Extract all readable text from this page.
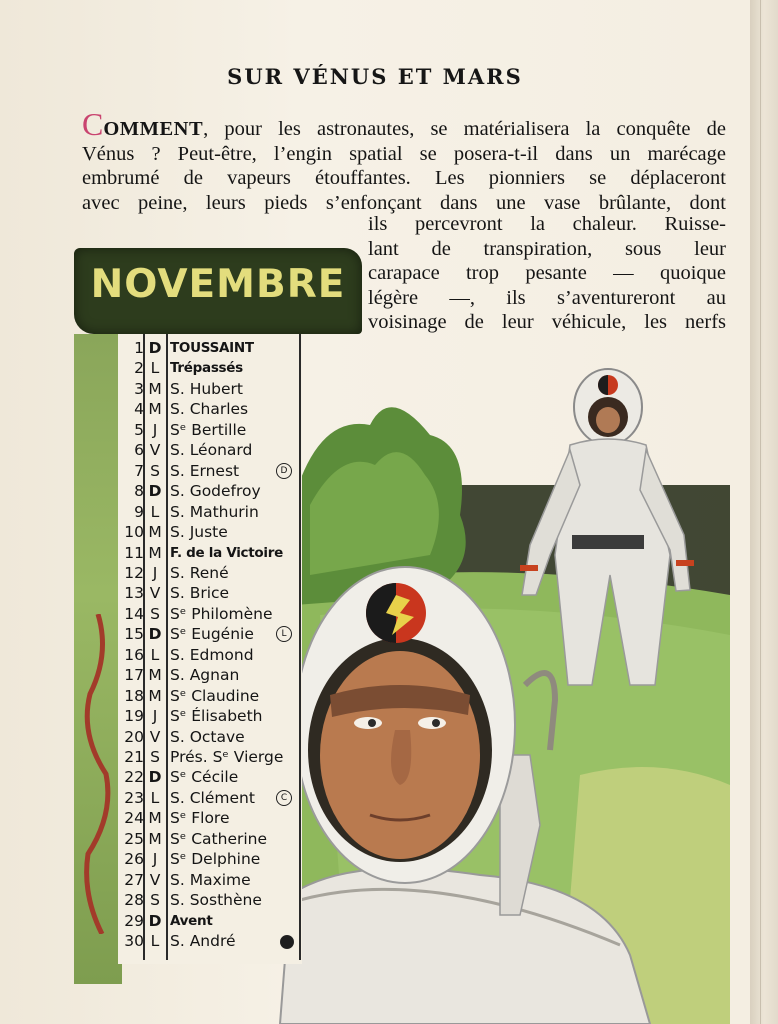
SUR VÉNUS ET MARS
COMMENT, pour les astronautes, se matérialisera la conquête de
Vénus ? Peut-être, l’engin spatial se posera-t-il dans un marécage
embrumé de vapeurs étouffantes. Les pionniers se déplaceront
avec peine, leurs pieds s’enfonçant dans une vase brûlante, dont
ils percevront la chaleur. Ruisse-
lant de transpiration, sous leur
carapace trop pesante — quoique
légère —, ils s’aventureront au
voisinage de leur véhicule, les nerfs
NOVEMBRE
1 D TOUSSAINT
2 L Trépassés
3 M S. Hubert
4 M S. Charles
5 J Sᵉ Bertille
6 V S. Léonard
7 S S. Ernest	D
8 D S. Godefroy
9 L S. Mathurin
10 M S. Juste
11 M F. de la Victoire
12 J S. René
13 V S. Brice
14 S Sᵉ Philomène
15 D Sᵉ Eugénie	L
16 L S. Edmond
17 M S. Agnan
18 M Sᵉ Claudine
19 J Sᵉ Élisabeth
20 V S. Octave
21 S Prés. Sᵉ Vierge
22 D Sᵉ Cécile
23 L S. Clément	C
24 M Sᵉ Flore
25 M Sᵉ Catherine
26 J Sᵉ Delphine
27 V S. Maxime
28 S S. Sosthène
29 D Avent
30 L S. André
